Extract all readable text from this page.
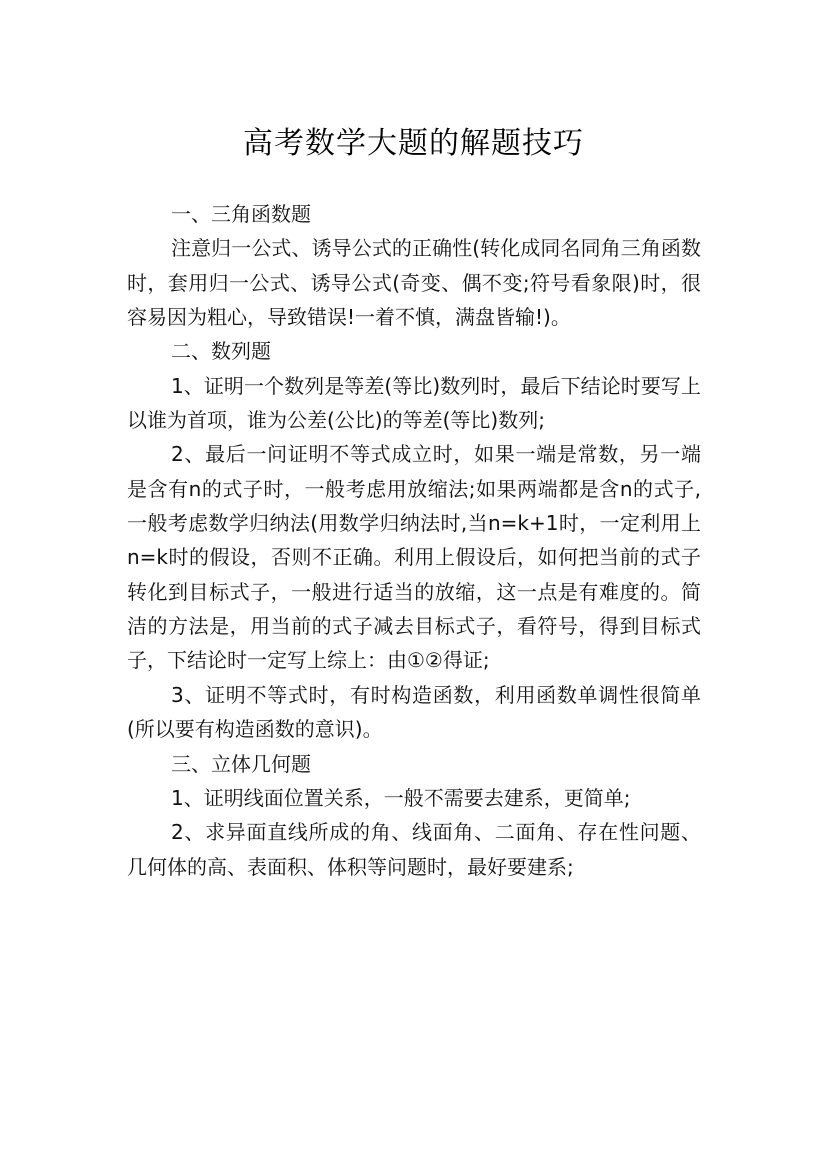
高考数学大题的解题技巧

一、三角函数题

注意归一公式、诱导公式的正确性(转化成同名同角三角函数时，套用归一公式、诱导公式(奇变、偶不变;符号看象限)时，很容易因为粗心，导致错误!一着不慎，满盘皆输!)。

二、数列题

1、证明一个数列是等差(等比)数列时，最后下结论时要写上以谁为首项，谁为公差(公比)的等差(等比)数列;

2、最后一问证明不等式成立时，如果一端是常数，另一端是含有n的式子时，一般考虑用放缩法;如果两端都是含n的式子,一般考虑数学归纳法(用数学归纳法时,当n=k+1时，一定利用上n=k时的假设，否则不正确。利用上假设后，如何把当前的式子转化到目标式子，一般进行适当的放缩，这一点是有难度的。简洁的方法是，用当前的式子减去目标式子，看符号，得到目标式子，下结论时一定写上综上：由①②得证;

3、证明不等式时，有时构造函数，利用函数单调性很简单(所以要有构造函数的意识)。

三、立体几何题

1、证明线面位置关系，一般不需要去建系，更简单;

2、求异面直线所成的角、线面角、二面角、存在性问题、几何体的高、表面积、体积等问题时，最好要建系;
